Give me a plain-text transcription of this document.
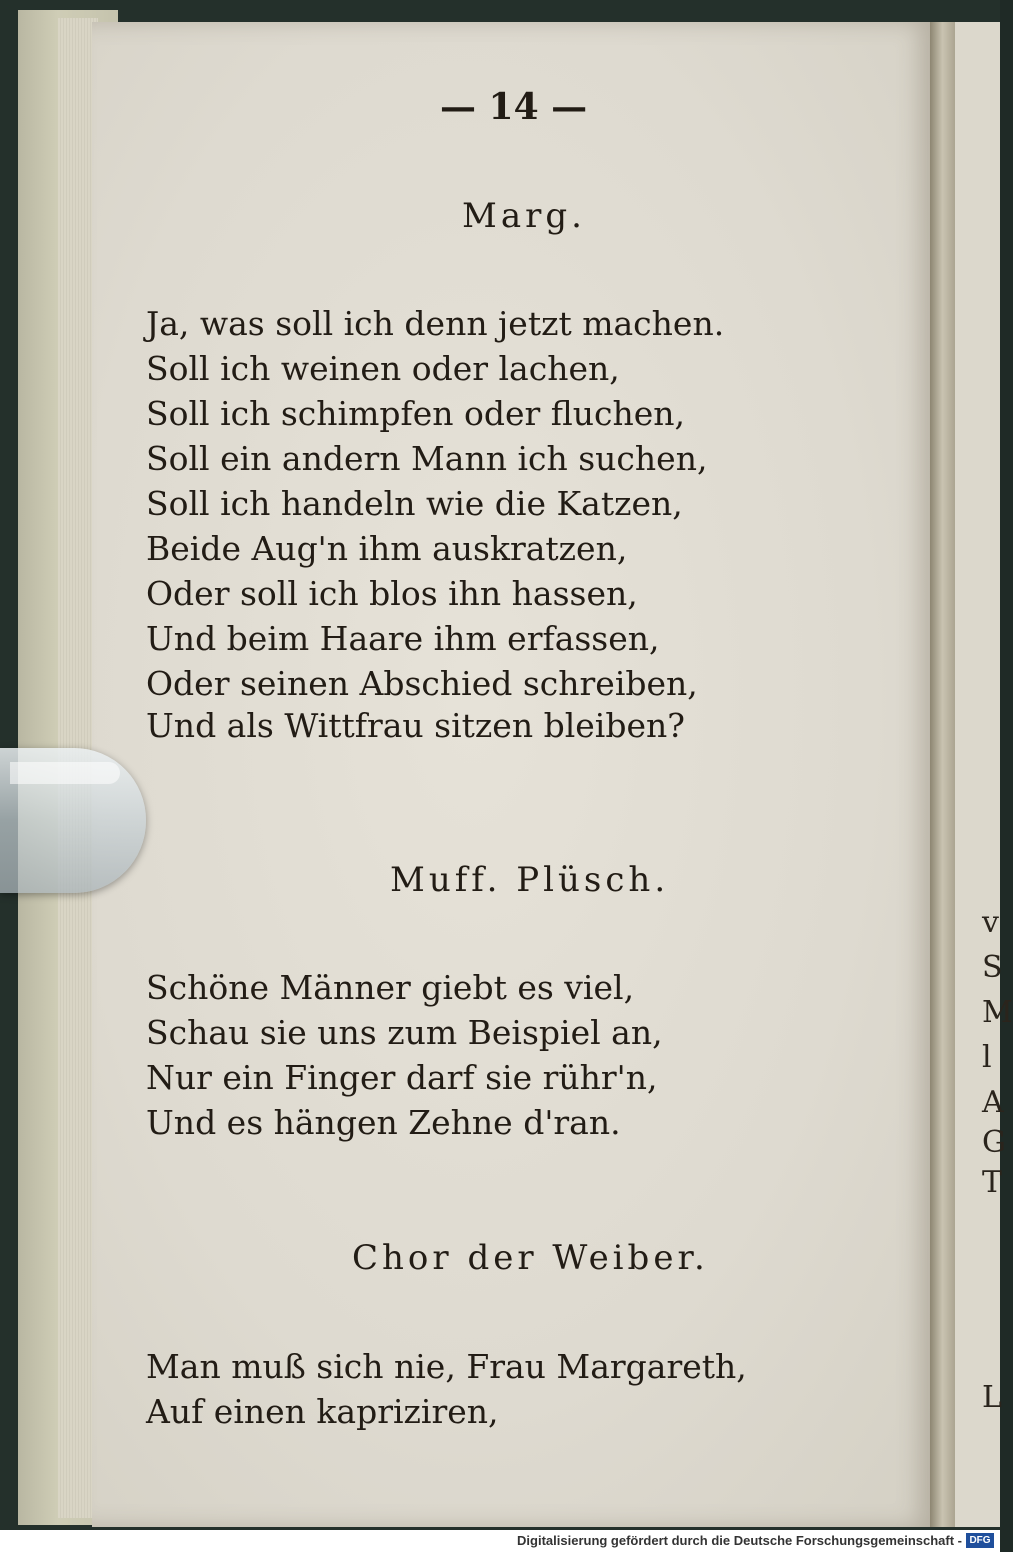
v
S
M
l
A
G
T
L
— 14 —
Marg.
Ja, was soll ich denn jetzt machen.
Soll ich weinen oder lachen,
Soll ich schimpfen oder fluchen,
Soll ein andern Mann ich suchen,
Soll ich handeln wie die Katzen,
Beide Aug'n ihm auskratzen,
Oder soll ich blos ihn hassen,
Und beim Haare ihm erfassen,
Oder seinen Abschied schreiben,
Und als Wittfrau sitzen bleiben?
Muff. Plüsch.
Schöne Männer giebt es viel,
Schau sie uns zum Beispiel an,
Nur ein Finger darf sie rühr'n,
Und es hängen Zehne d'ran.
Chor der Weiber.
Man muß sich nie, Frau Margareth,
Auf einen kapriziren,
Digitalisierung gefördert durch die Deutsche Forschungsgemeinschaft - DFG
